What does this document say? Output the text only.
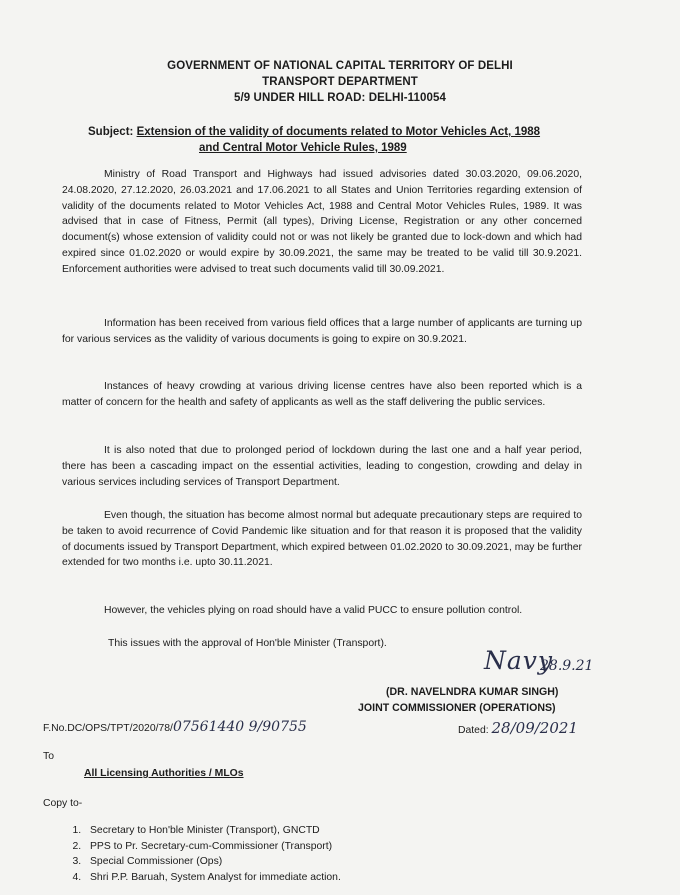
GOVERNMENT OF NATIONAL CAPITAL TERRITORY OF DELHI
TRANSPORT DEPARTMENT
5/9 UNDER HILL ROAD: DELHI-110054
Subject: Extension of the validity of documents related to Motor Vehicles Act, 1988
and Central Motor Vehicle Rules, 1989
Ministry of Road Transport and Highways had issued advisories dated 30.03.2020, 09.06.2020, 24.08.2020, 27.12.2020, 26.03.2021 and 17.06.2021 to all States and Union Territories regarding extension of validity of the documents related to Motor Vehicles Act, 1988 and Central Motor Vehicles Rules, 1989. It was advised that in case of Fitness, Permit (all types), Driving License, Registration or any other concerned document(s) whose extension of validity could not or was not likely be granted due to lock-down and which had expired since 01.02.2020 or would expire by 30.09.2021, the same may be treated to be valid till 30.9.2021. Enforcement authorities were advised to treat such documents valid till 30.09.2021.
Information has been received from various field offices that a large number of applicants are turning up for various services as the validity of various documents is going to expire on 30.9.2021.
Instances of heavy crowding at various driving license centres have also been reported which is a matter of concern for the health and safety of applicants as well as the staff delivering the public services.
It is also noted that due to prolonged period of lockdown during the last one and a half year period, there has been a cascading impact on the essential activities, leading to congestion, crowding and delay in various services including services of Transport Department.
Even though, the situation has become almost normal but adequate precautionary steps are required to be taken to avoid recurrence of Covid Pandemic like situation and for that reason it is proposed that the validity of documents issued by Transport Department, which expired between 01.02.2020 to 30.09.2021, may be further extended for two months i.e. upto 30.11.2021.
However, the vehicles plying on road should have a valid PUCC to ensure pollution control.
This issues with the approval of Hon'ble Minister (Transport).
Navy
28.9.21
(DR. NAVELNDRA KUMAR SINGH)
JOINT COMMISSIONER (OPERATIONS)
F.No.DC/OPS/TPT/2020/78/07561440 9/90755	Dated: 28/09/2021
To
All Licensing Authorities / MLOs
Copy to-
1. Secretary to Hon'ble Minister (Transport), GNCTD
2. PPS to Pr. Secretary-cum-Commissioner (Transport)
3. Special Commissioner (Ops)
4. Shri P.P. Baruah, System Analyst for immediate action.
